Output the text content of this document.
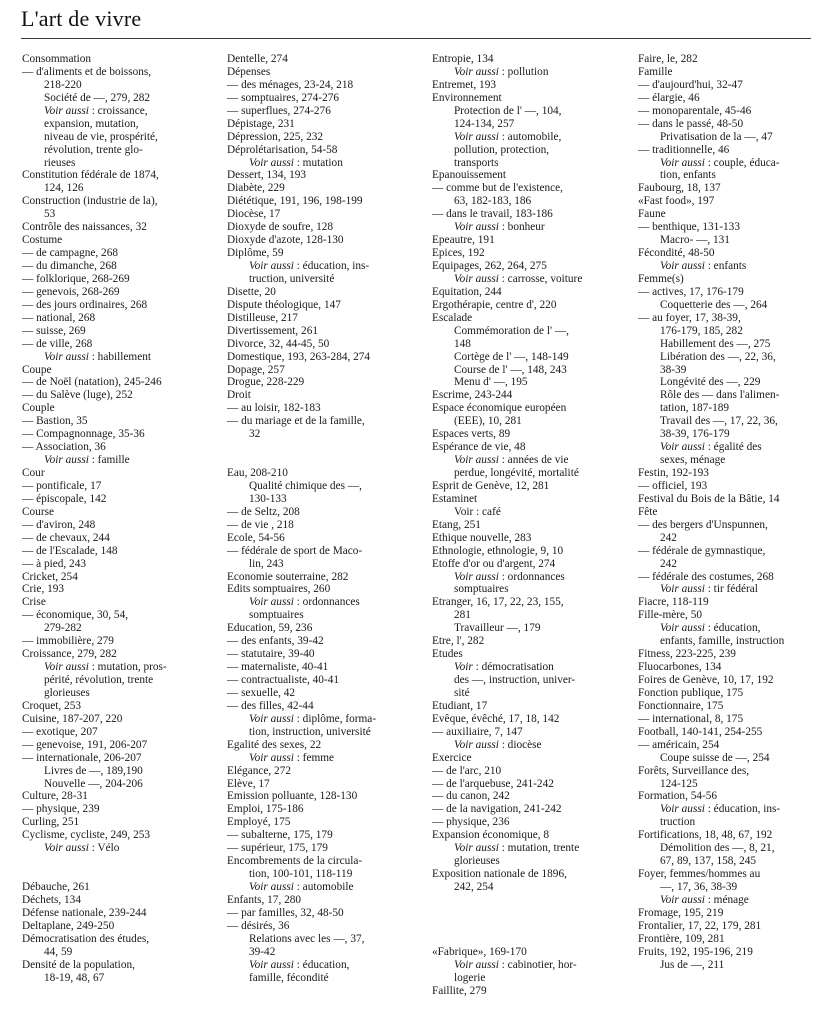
L'art de vivre
Consommation
— d'aliments et de boissons,
218-220
Société de —, 279, 282
Voir aussi : croissance,
expansion, mutation,
niveau de vie, prospérité,
révolution, trente glo-
rieuses
Constitution fédérale de 1874,
124, 126
Construction (industrie de la),
53
Contrôle des naissances, 32
Costume
— de campagne, 268
— du dimanche, 268
— folklorique, 268-269
— genevois, 268-269
— des jours ordinaires, 268
— national, 268
— suisse, 269
— de ville, 268
Voir aussi : habillement
Coupe
— de Noël (natation), 245-246
— du Salève (luge), 252
Couple
— Bastion, 35
— Compagnonnage, 35-36
— Association, 36
Voir aussi : famille
Cour
— pontificale, 17
— épiscopale, 142
Course
— d'aviron, 248
— de chevaux, 244
— de l'Escalade, 148
— à pied, 243
Cricket, 254
Crie, 193
Crise
— économique, 30, 54,
279-282
— immobilière, 279
Croissance, 279, 282
Voir aussi : mutation, pros-
périté, révolution, trente
glorieuses
Croquet, 253
Cuisine, 187-207, 220
— exotique, 207
— genevoise, 191, 206-207
— internationale, 206-207
Livres de —, 189,190
Nouvelle —, 204-206
Culture, 28-31
— physique, 239
Curling, 251
Cyclisme, cycliste, 249, 253
Voir aussi : Vélo
Débauche, 261
Déchets, 134
Défense nationale, 239-244
Deltaplane, 249-250
Démocratisation des études,
44, 59
Densité de la population,
18-19, 48, 67
Dentelle, 274
Dépenses
— des ménages, 23-24, 218
— somptuaires, 274-276
— superflues, 274-276
Dépistage, 231
Dépression, 225, 232
Déprolétarisation, 54-58
Voir aussi : mutation
Dessert, 134, 193
Diabète, 229
Diététique, 191, 196, 198-199
Diocèse, 17
Dioxyde de soufre, 128
Dioxyde d'azote, 128-130
Diplôme, 59
Voir aussi : éducation, ins-
truction, université
Disette, 20
Dispute théologique, 147
Distilleuse, 217
Divertissement, 261
Divorce, 32, 44-45, 50
Domestique, 193, 263-284, 274
Dopage, 257
Drogue, 228-229
Droit
— au loisir, 182-183
— du mariage et de la famille,
32
Eau, 208-210
Qualité chimique des —,
130-133
— de Seltz, 208
— de vie , 218
Ecole, 54-56
— fédérale de sport de Maco-
lin, 243
Economie souterraine, 282
Edits somptuaires, 260
Voir aussi : ordonnances
somptuaires
Education, 59, 236
— des enfants, 39-42
— statutaire, 39-40
— maternaliste, 40-41
— contractualiste, 40-41
— sexuelle, 42
— des filles, 42-44
Voir aussi : diplôme, forma-
tion, instruction, université
Egalité des sexes, 22
Voir aussi : femme
Elégance, 272
Elève, 17
Emission polluante, 128-130
Emploi, 175-186
Employé, 175
— subalterne, 175, 179
— supérieur, 175, 179
Encombrements de la circula-
tion, 100-101, 118-119
Voir aussi : automobile
Enfants, 17, 280
— par familles, 32, 48-50
— désirés, 36
Relations avec les —, 37,
39-42
Voir aussi : éducation,
famille, fécondité
Entropie, 134
Voir aussi : pollution
Entremet, 193
Environnement
Protection de l' —, 104,
124-134, 257
Voir aussi : automobile,
pollution, protection,
transports
Epanouissement
— comme but de l'existence,
63, 182-183, 186
— dans le travail, 183-186
Voir aussi : bonheur
Epeautre, 191
Epices, 192
Equipages, 262, 264, 275
Voir aussi : carrosse, voiture
Equitation, 244
Ergothérapie, centre d', 220
Escalade
Commémoration de l' —,
148
Cortège de l' —, 148-149
Course de l' —, 148, 243
Menu d' —, 195
Escrime, 243-244
Espace économique européen
(EEE), 10, 281
Espaces verts, 89
Espérance de vie, 48
Voir aussi : années de vie
perdue, longévité, mortalité
Esprit de Genève, 12, 281
Estaminet
Voir : café
Etang, 251
Ethique nouvelle, 283
Ethnologie, ethnologie, 9, 10
Etoffe d'or ou d'argent, 274
Voir aussi : ordonnances
somptuaires
Etranger, 16, 17, 22, 23, 155,
281
Travailleur —, 179
Etre, l', 282
Etudes
Voir : démocratisation
des —, instruction, univer-
sité
Etudiant, 17
Evêque, évêché, 17, 18, 142
— auxiliaire, 7, 147
Voir aussi : diocèse
Exercice
— de l'arc, 210
— de l'arquebuse, 241-242
— du canon, 242
— de la navigation, 241-242
— physique, 236
Expansion économique, 8
Voir aussi : mutation, trente
glorieuses
Exposition nationale de 1896,
242, 254
«Fabrique», 169-170
Voir aussi : cabinotier, hor-
logerie
Faillite, 279
Faire, le, 282
Famille
— d'aujourd'hui, 32-47
— élargie, 46
— monoparentale, 45-46
— dans le passé, 48-50
Privatisation de la —, 47
— traditionnelle, 46
Voir aussi : couple, éduca-
tion, enfants
Faubourg, 18, 137
«Fast food», 197
Faune
— benthique, 131-133
Macro- —, 131
Fécondité, 48-50
Voir aussi : enfants
Femme(s)
— actives, 17, 176-179
Coquetterie des —, 264
— au foyer, 17, 38-39,
176-179, 185, 282
Habillement des —, 275
Libération des —, 22, 36,
38-39
Longévité des —, 229
Rôle des — dans l'alimen-
tation, 187-189
Travail des —, 17, 22, 36,
38-39, 176-179
Voir aussi : égalité des
sexes, ménage
Festin, 192-193
— officiel, 193
Festival du Bois de la Bâtie, 14
Fête
— des bergers d'Unspunnen,
242
— fédérale de gymnastique,
242
— fédérale des costumes, 268
Voir aussi : tir fédéral
Fiacre, 118-119
Fille-mère, 50
Voir aussi : éducation,
enfants, famille, instruction
Fitness, 223-225, 239
Fluocarbones, 134
Foires de Genève, 10, 17, 192
Fonction publique, 175
Fonctionnaire, 175
— international, 8, 175
Football, 140-141, 254-255
— américain, 254
Coupe suisse de —, 254
Forêts, Surveillance des,
124-125
Formation, 54-56
Voir aussi : éducation, ins-
truction
Fortifications, 18, 48, 67, 192
Démolition des —, 8, 21,
67, 89, 137, 158, 245
Foyer, femmes/hommes au
—, 17, 36, 38-39
Voir aussi : ménage
Fromage, 195, 219
Frontalier, 17, 22, 179, 281
Frontière, 109, 281
Fruits, 192, 195-196, 219
Jus de —, 211
